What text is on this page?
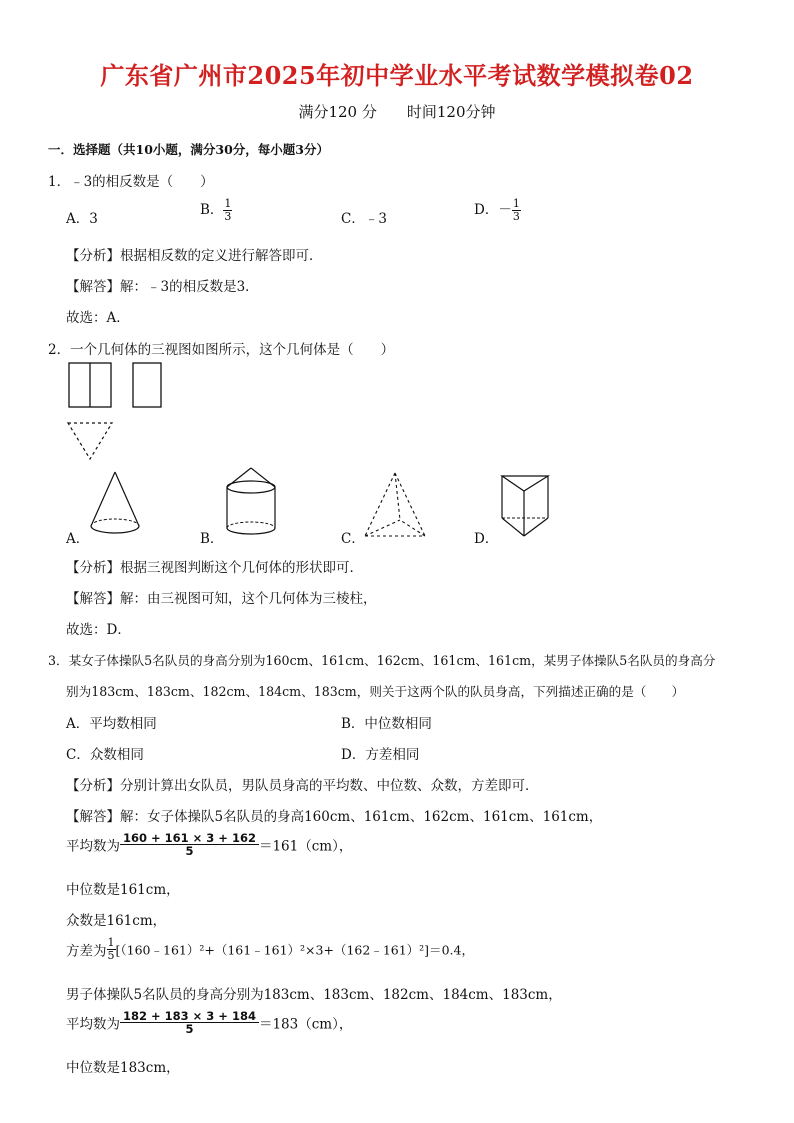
广东省广州市2025年初中学业水平考试数学模拟卷02
满分120 分 时间120分钟
一．选择题（共10小题，满分30分，每小题3分）
1．﹣3的相反数是（　　）
A．3
B． $\frac{1}{3}$	C．﹣3
D．－ $\frac{1}{3}$
【分析】根据相反数的定义进行解答即可．
【解答】解：﹣3的相反数是3．
故选：A．
2．一个几何体的三视图如图所示，这个几何体是（　　）
A．	B．	C．	D．
【分析】根据三视图判断这个几何体的形状即可．
【解答】解：由三视图可知，这个几何体为三棱柱，
故选：D．
3．某女子体操队5名队员的身高分别为160cm、161cm、162cm、161cm、161cm，某男子体操队5名队员的身高分
别为183cm、183cm、182cm、184cm、183cm，则关于这两个队的队员身高，下列描述正确的是（　　）
A．平均数相同	B．中位数相同
C．众数相同	D．方差相同
【分析】分别计算出女队员，男队员身高的平均数、中位数、众数，方差即可．
【解答】解：女子体操队5名队员的身高160cm、161cm、162cm、161cm、161cm，
平均数为 $\frac{160 + 161 \times 3 + 162}{5} =161(cm)$，
中位数是161cm，
众数是161cm，
方差为 $\frac{1}{5}$ [（160﹣161）²+（161﹣161）²×3+（162﹣161）²]＝0.4，
男子体操队5名队员的身高分别为183cm、183cm、182cm、184cm、183cm，
平均数为 $\frac{182 + 183 \times 3 + 184}{5} =183(cm)$，
中位数是183cm，
